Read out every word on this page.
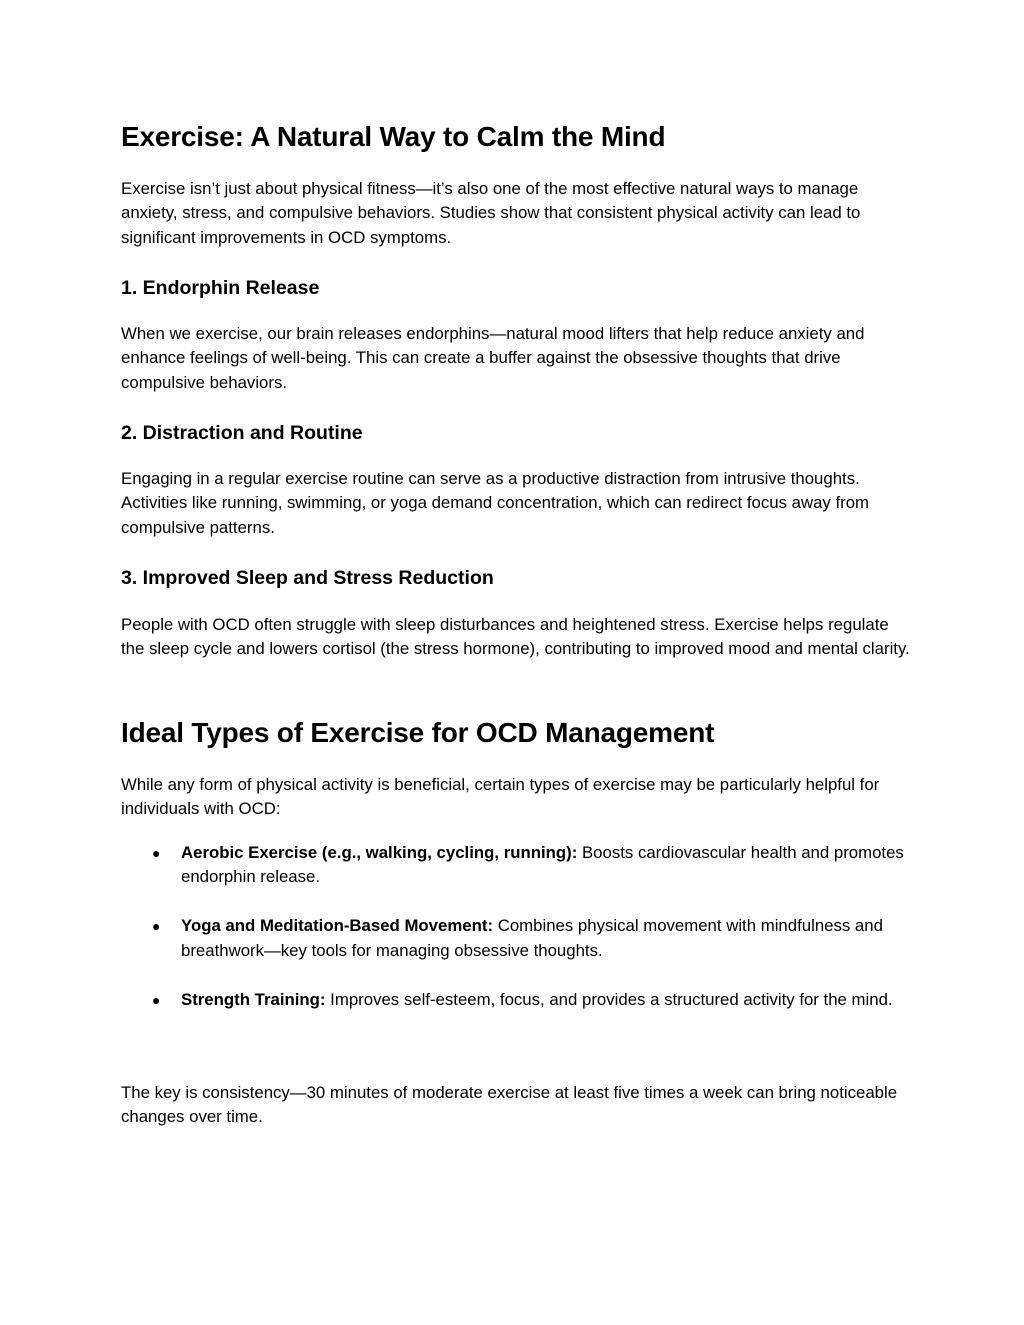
Exercise: A Natural Way to Calm the Mind

Exercise isn’t just about physical fitness—it’s also one of the most effective natural ways to manage anxiety, stress, and compulsive behaviors. Studies show that consistent physical activity can lead to significant improvements in OCD symptoms.

1. Endorphin Release

When we exercise, our brain releases endorphins—natural mood lifters that help reduce anxiety and enhance feelings of well-being. This can create a buffer against the obsessive thoughts that drive compulsive behaviors.

2. Distraction and Routine

Engaging in a regular exercise routine can serve as a productive distraction from intrusive thoughts. Activities like running, swimming, or yoga demand concentration, which can redirect focus away from compulsive patterns.

3. Improved Sleep and Stress Reduction

People with OCD often struggle with sleep disturbances and heightened stress. Exercise helps regulate the sleep cycle and lowers cortisol (the stress hormone), contributing to improved mood and mental clarity.

Ideal Types of Exercise for OCD Management

While any form of physical activity is beneficial, certain types of exercise may be particularly helpful for individuals with OCD:

● Aerobic Exercise (e.g., walking, cycling, running): Boosts cardiovascular health and promotes endorphin release.
● Yoga and Meditation-Based Movement: Combines physical movement with mindfulness and breathwork—key tools for managing obsessive thoughts.
● Strength Training: Improves self-esteem, focus, and provides a structured activity for the mind.

The key is consistency—30 minutes of moderate exercise at least five times a week can bring noticeable changes over time.
